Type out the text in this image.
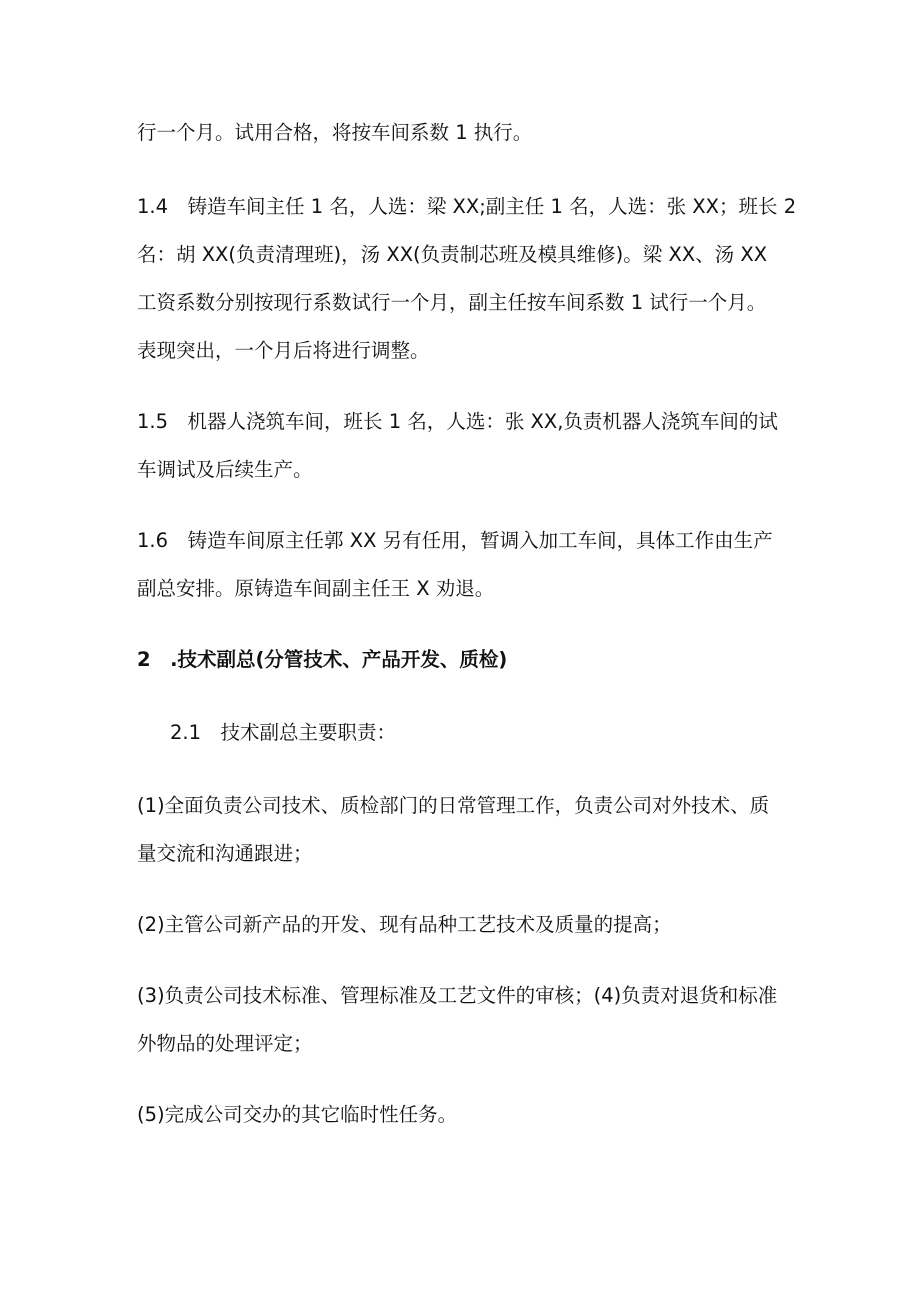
行一个月。试用合格，将按车间系数 1 执行。
1.4　铸造车间主任 1 名，人选：梁 XX;副主任 1 名，人选：张 XX；班长 2
名：胡 XX(负责清理班)，汤 XX(负责制芯班及模具维修)。梁 XX、汤 XX
工资系数分别按现行系数试行一个月，副主任按车间系数 1 试行一个月。
表现突出，一个月后将进行调整。
1.5　机器人浇筑车间，班长 1 名，人选：张 XX,负责机器人浇筑车间的试
车调试及后续生产。
1.6　铸造车间原主任郭 XX 另有任用，暂调入加工车间，具体工作由生产
副总安排。原铸造车间副主任王 X 劝退。
2　.技术副总(分管技术、产品开发、质检)
2.1　技术副总主要职责：
(1)全面负责公司技术、质检部门的日常管理工作，负责公司对外技术、质
量交流和沟通跟进；
(2)主管公司新产品的开发、现有品种工艺技术及质量的提高；
(3)负责公司技术标准、管理标准及工艺文件的审核；(4)负责对退货和标准
外物品的处理评定；
(5)完成公司交办的其它临时性任务。
